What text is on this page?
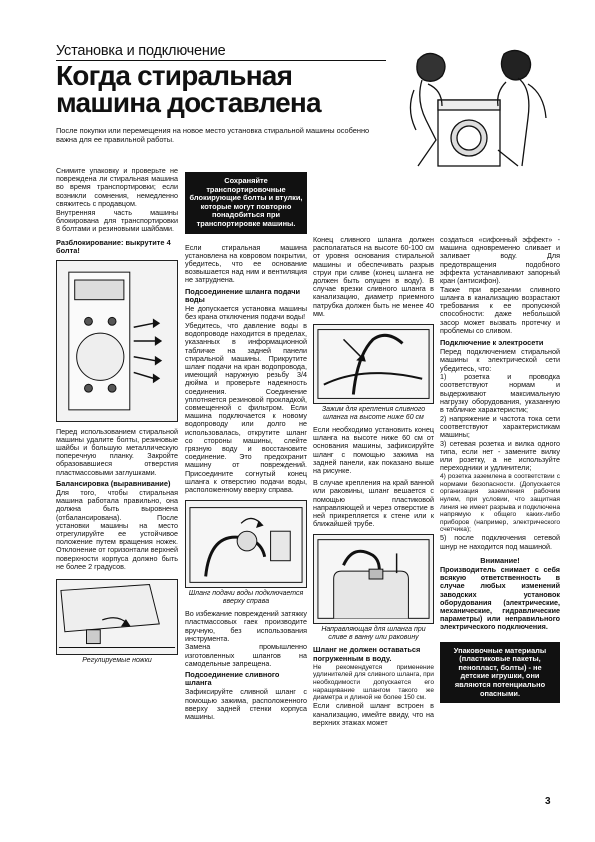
Установка и подключение
Когда стиральная
машина доставлена
После покупки или перемещения на новое место установка стиральной машины особенно важна для ее правильной работы.

Снимите упаковку и проверьте не повреждена ли стиральная машина во время транспортировки; если возникли сомнения, немедленно свяжитесь с продавцом.

Внутренняя часть машины блокирована для транспортировки 8 болтами и резиновыми шайбами.

Разблокирование: выкрутите 4 болта!

Перед использованием стиральной машины удалите болты, резиновые шайбы и большую металлическую поперечную планку. Закройте образовавшиеся отверстия пластмассовыми заглушками.

Балансировка (выравнивание)

Для того, чтобы стиральная машина работала правильно, она должна быть выровнена (отбалансирована). После установки машины на место отрегулируйте ее устойчивое положение путем вращения ножек. Отклонение от горизонтали верхней поверхности корпуса должно быть не более 2 градусов.

Регулируемые ножки
Сохраняйте транспортировочные блокирующие болты и втулки, которые могут повторно понадобиться при транспортировке машины.

Если стиральная машина установлена на ковровом покрытии, убедитесь, что ее основание возвышается над ним и вентиляция не затруднена.

Подсоединение шланга подачи воды

Не допускается установка машины без крана отключения подачи воды!

Убедитесь, что давление воды в водопроводе находится в пределах, указанных в информационной табличке на задней панели стиральной машины. Прикрутите шланг подачи на кран водопровода, имеющий наружную резьбу 3/4 дюйма и проверьте надежность соединения. Соединение уплотняется резиновой прокладкой, совмещенной с фильтром. Если машина подключается к новому водопроводу или долго не использовалась, открутите шланг со стороны машины, слейте грязную воду и восстановите соединение. Это предохранит машину от повреждений. Присоедините согнутый конец шланга к отверстию подачи воды, расположенному вверху справа.

Шланг подачи воды подключается вверху справа

Во избежание повреждений затяжку пластмассовых гаек производите вручную, без использования инструмента.

Замена промышленно изготовленных шлангов на самодельные запрещена.

Подсоединение сливного шланга

Зафиксируйте сливной шланг с помощью зажима, расположенного вверху задней стенки корпуса машины.

Конец сливного шланга должен располагаться на высоте 60-100 см от уровня основания стиральной машины и обеспечивать разрыв струи при сливе (конец шланга не должен быть опущен в воду). В случае врезки сливного шланга в канализацию, диаметр приемного патрубка должен быть не менее 40 мм.

Зажим для крепления сливного шланга на высоте ниже 60 см

Если необходимо установить конец шланга на высоте ниже 60 см от основания машины, зафиксируйте шланг с помощью зажима на задней панели, как показано выше на рисунке.

В случае крепления на край ванной или раковины, шланг вешается с помощью пластиковой направляющей и через отверстие в ней прикрепляется к стене или к ближайшей трубе.

Направляющая для шланга при сливе в ванну или раковину
Шланг не должен оставаться погруженным в воду.

Не рекомендуется применение удлинителей для сливного шланга, при необходимости допускается его наращивание шлангом такого же диаметра и длиной не более 150 см.

Если сливной шланг встроен в канализацию, имейте ввиду, что на верхних этажах может

создаться «сифонный эффект» - машина одновременно сливает и заливает воду. Для предотвращения подобного эффекта устанавливают запорный кран (антисифон).

Также при врезании сливного шланга в канализацию возрастают требования к ее пропускной способности: даже небольшой засор может вызвать протечку и проблемы со сливом.

Подключение к электросети

Перед подключением стиральной машины к электрической сети убедитесь, что:

1) розетка и проводка соответствуют нормам и выдерживают максимальную нагрузку оборудования, указанную в табличке характеристик;

2) напряжение и частота тока сети соответствуют характеристикам машины;

3) сетевая розетка и вилка одного типа, если нет - замените вилку или розетку, а не используйте переходники и удлинители;

4) розетка заземлена в соответствии с нормами безопасности. (Допускается организация заземления рабочим нулем, при условии, что защитная линия не имеет разрыва и подключена напрямую к общего каких-либо приборов (например, электрического счетчика);

5) после подключения сетевой шнур не находится под машиной.

Внимание!

Производитель снимает с себя всякую ответственность в случае любых изменений заводских установок оборудования (электрические, механические, гидравлические параметры) или неправильного электрического подключения.

Упаковочные материалы (пластиковые пакеты, пенопласт, болты) - не детские игрушки, они являются потенциально опасными.
3
